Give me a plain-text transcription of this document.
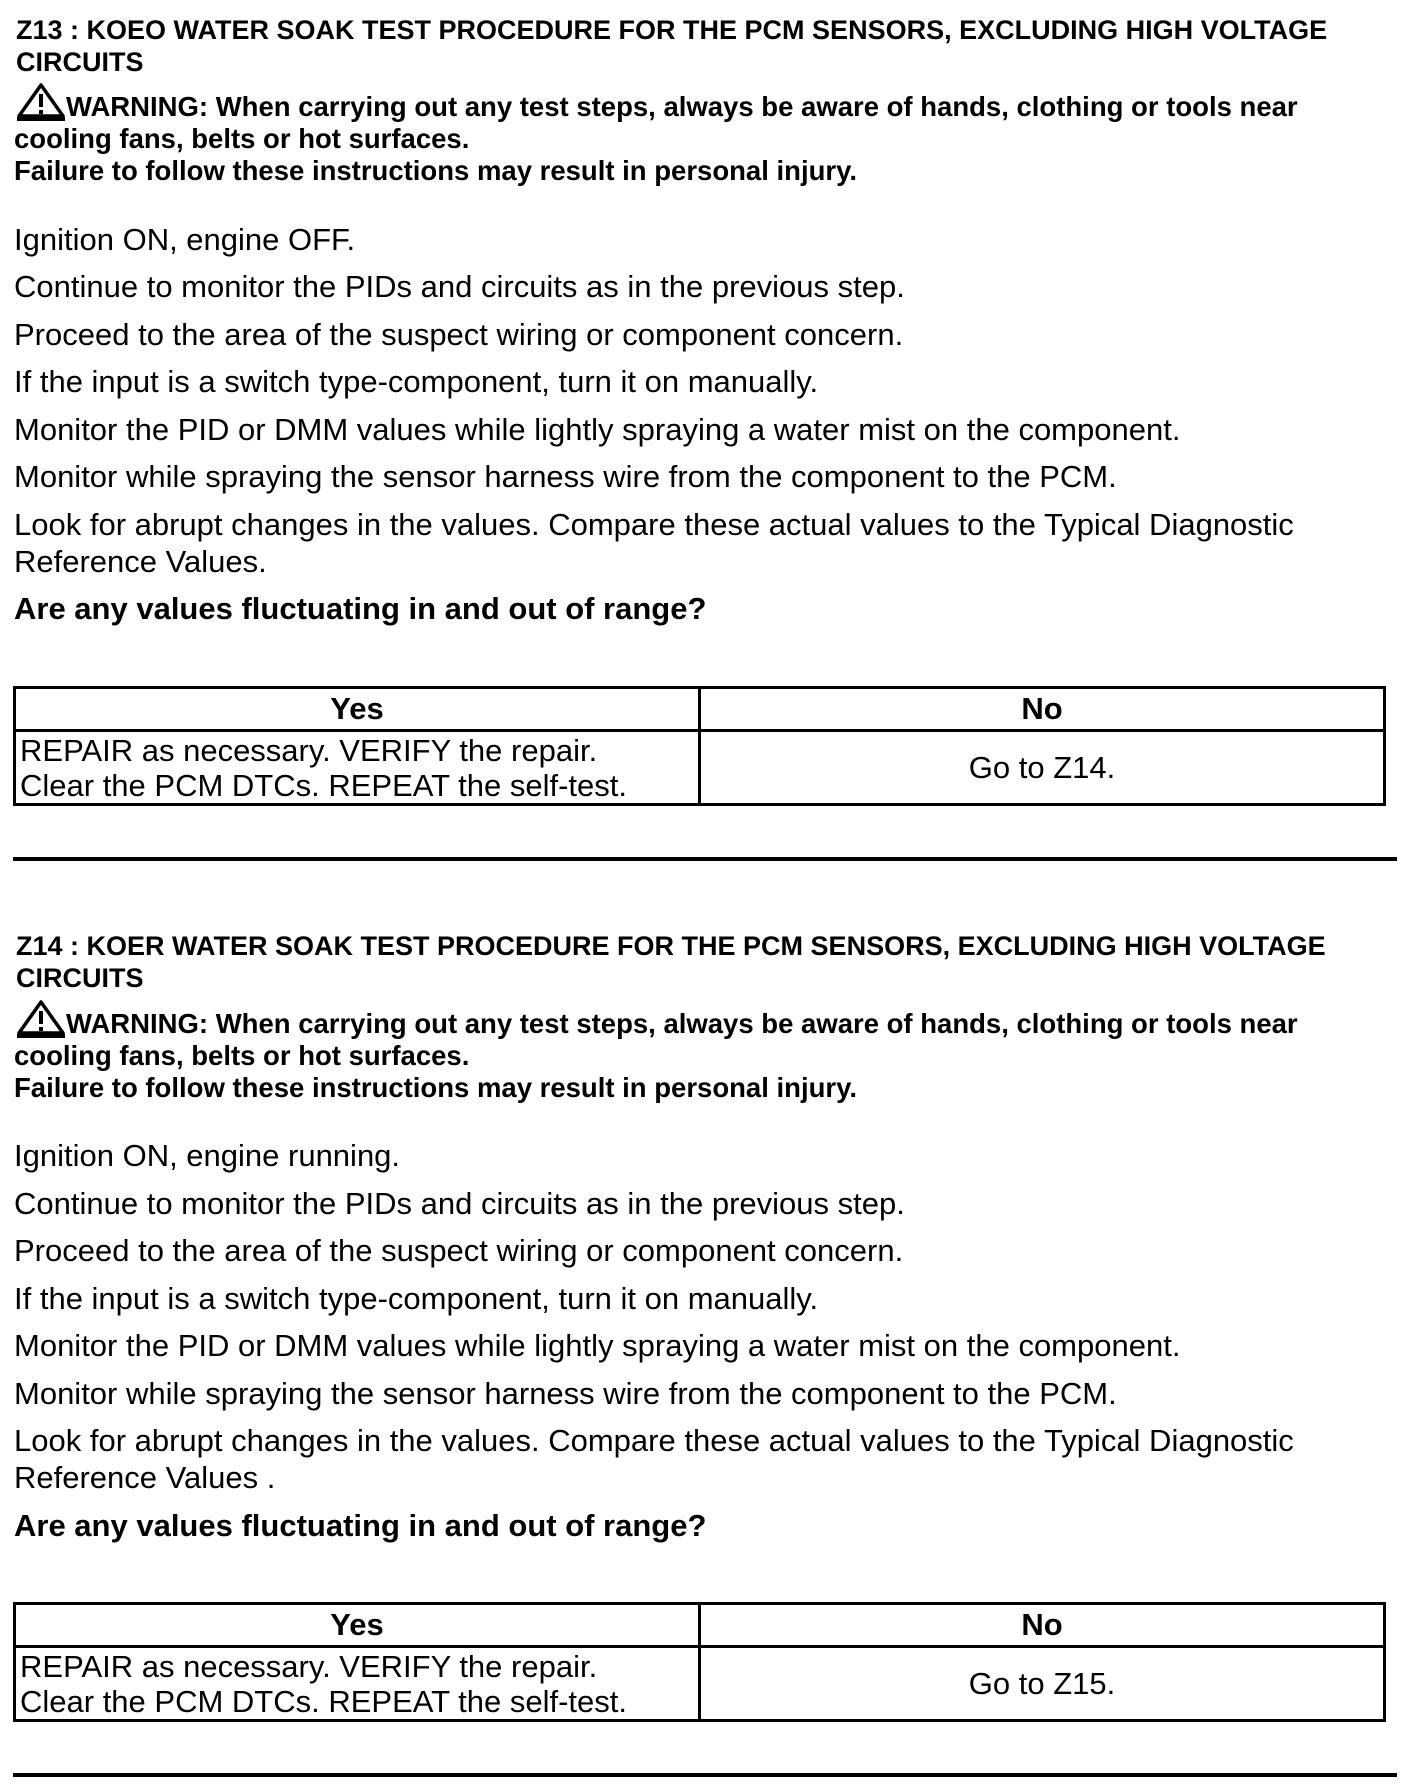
Z13 : KOEO WATER SOAK TEST PROCEDURE FOR THE PCM SENSORS, EXCLUDING HIGH VOLTAGE CIRCUITS
WARNING: When carrying out any test steps, always be aware of hands, clothing or tools near cooling fans, belts or hot surfaces.
Failure to follow these instructions may result in personal injury.

Ignition ON, engine OFF.

Continue to monitor the PIDs and circuits as in the previous step.

Proceed to the area of the suspect wiring or component concern.

If the input is a switch type-component, turn it on manually.

Monitor the PID or DMM values while lightly spraying a water mist on the component.

Monitor while spraying the sensor harness wire from the component to the PCM.

Look for abrupt changes in the values. Compare these actual values to the Typical Diagnostic Reference Values.

Are any values fluctuating in and out of range?

Yes	No

REPAIR as necessary. VERIFY the repair.
Clear the PCM DTCs. REPEAT the self-test.	Go to Z14.
Z14 : KOER WATER SOAK TEST PROCEDURE FOR THE PCM SENSORS, EXCLUDING HIGH VOLTAGE CIRCUITS
WARNING: When carrying out any test steps, always be aware of hands, clothing or tools near cooling fans, belts or hot surfaces.
Failure to follow these instructions may result in personal injury.

Ignition ON, engine running.

Continue to monitor the PIDs and circuits as in the previous step.

Proceed to the area of the suspect wiring or component concern.

If the input is a switch type-component, turn it on manually.

Monitor the PID or DMM values while lightly spraying a water mist on the component.

Monitor while spraying the sensor harness wire from the component to the PCM.

Look for abrupt changes in the values. Compare these actual values to the Typical Diagnostic Reference Values .

Are any values fluctuating in and out of range?

Yes	No

REPAIR as necessary. VERIFY the repair.
Clear the PCM DTCs. REPEAT the self-test.	Go to Z15.
